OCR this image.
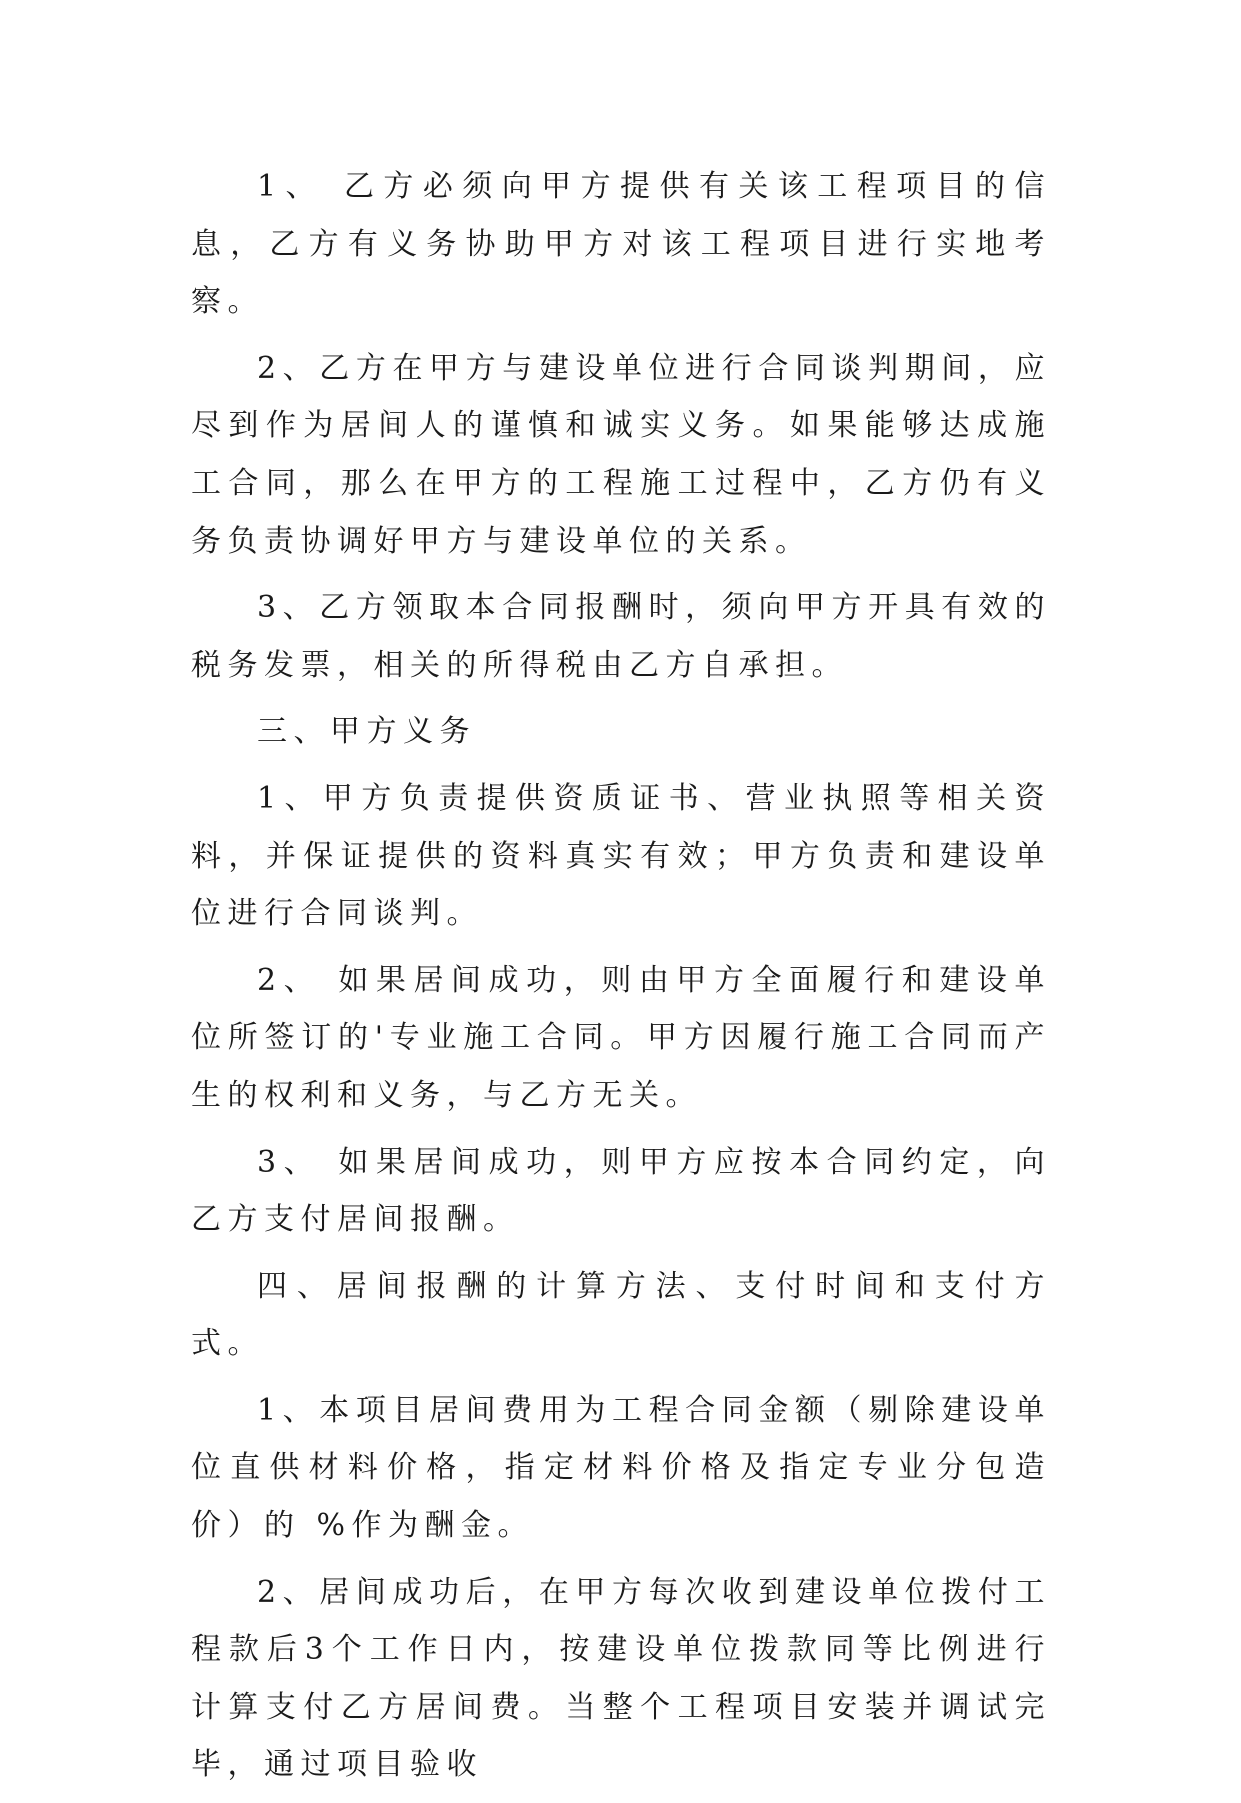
1、 乙方必须向甲方提供有关该工程项目的信息，乙方有义务协助甲方对该工程项目进行实地考察。

2、乙方在甲方与建设单位进行合同谈判期间，应尽到作为居间人的谨慎和诚实义务。如果能够达成施工合同，那么在甲方的工程施工过程中，乙方仍有义务负责协调好甲方与建设单位的关系。

3、乙方领取本合同报酬时，须向甲方开具有效的税务发票，相关的所得税由乙方自承担。

三、甲方义务

1、甲方负责提供资质证书、营业执照等相关资料，并保证提供的资料真实有效；甲方负责和建设单位进行合同谈判。

2、 如果居间成功，则由甲方全面履行和建设单位所签订的'专业施工合同。甲方因履行施工合同而产生的权利和义务，与乙方无关。

3、 如果居间成功，则甲方应按本合同约定，向乙方支付居间报酬。

四、居间报酬的计算方法、支付时间和支付方式。

1、本项目居间费用为工程合同金额（剔除建设单位直供材料价格，指定材料价格及指定专业分包造价）的 %作为酬金。

2、居间成功后，在甲方每次收到建设单位拨付工程款后3个工作日内，按建设单位拨款同等比例进行计算支付乙方居间费。当整个工程项目安装并调试完毕，通过项目验收
